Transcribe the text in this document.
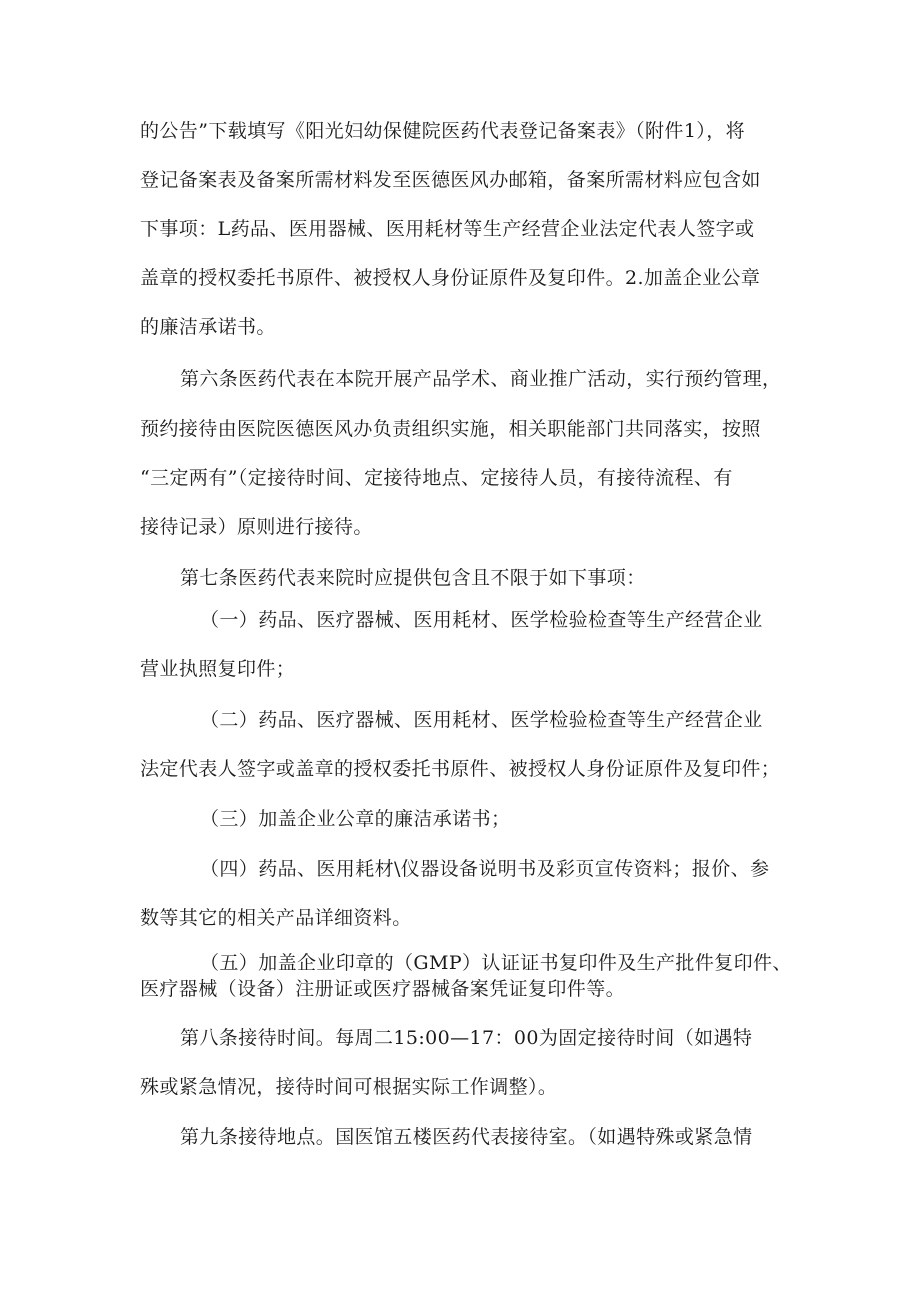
的公告”下载填写《阳光妇幼保健院医药代表登记备案表》（附件1），将
登记备案表及备案所需材料发至医德医风办邮箱，备案所需材料应包含如
下事项：L药品、医用器械、医用耗材等生产经营企业法定代表人签字或
盖章的授权委托书原件、被授权人身份证原件及复印件。2.加盖企业公章
的廉洁承诺书。
第六条医药代表在本院开展产品学术、商业推广活动，实行预约管理，
预约接待由医院医德医风办负责组织实施，相关职能部门共同落实，按照
“三定两有”（定接待时间、定接待地点、定接待人员，有接待流程、有
接待记录）原则进行接待。
第七条医药代表来院时应提供包含且不限于如下事项：
（一）药品、医疗器械、医用耗材、医学检验检查等生产经营企业
营业执照复印件；
（二）药品、医疗器械、医用耗材、医学检验检查等生产经营企业
法定代表人签字或盖章的授权委托书原件、被授权人身份证原件及复印件；
（三）加盖企业公章的廉洁承诺书；
（四）药品、医用耗材\仪器设备说明书及彩页宣传资料；报价、参
数等其它的相关产品详细资料。
（五）加盖企业印章的（GMP）认证证书复印件及生产批件复印件、
医疗器械（设备）注册证或医疗器械备案凭证复印件等。
第八条接待时间。每周二15:00—17：00为固定接待时间（如遇特
殊或紧急情况，接待时间可根据实际工作调整）。
第九条接待地点。国医馆五楼医药代表接待室。（如遇特殊或紧急情
